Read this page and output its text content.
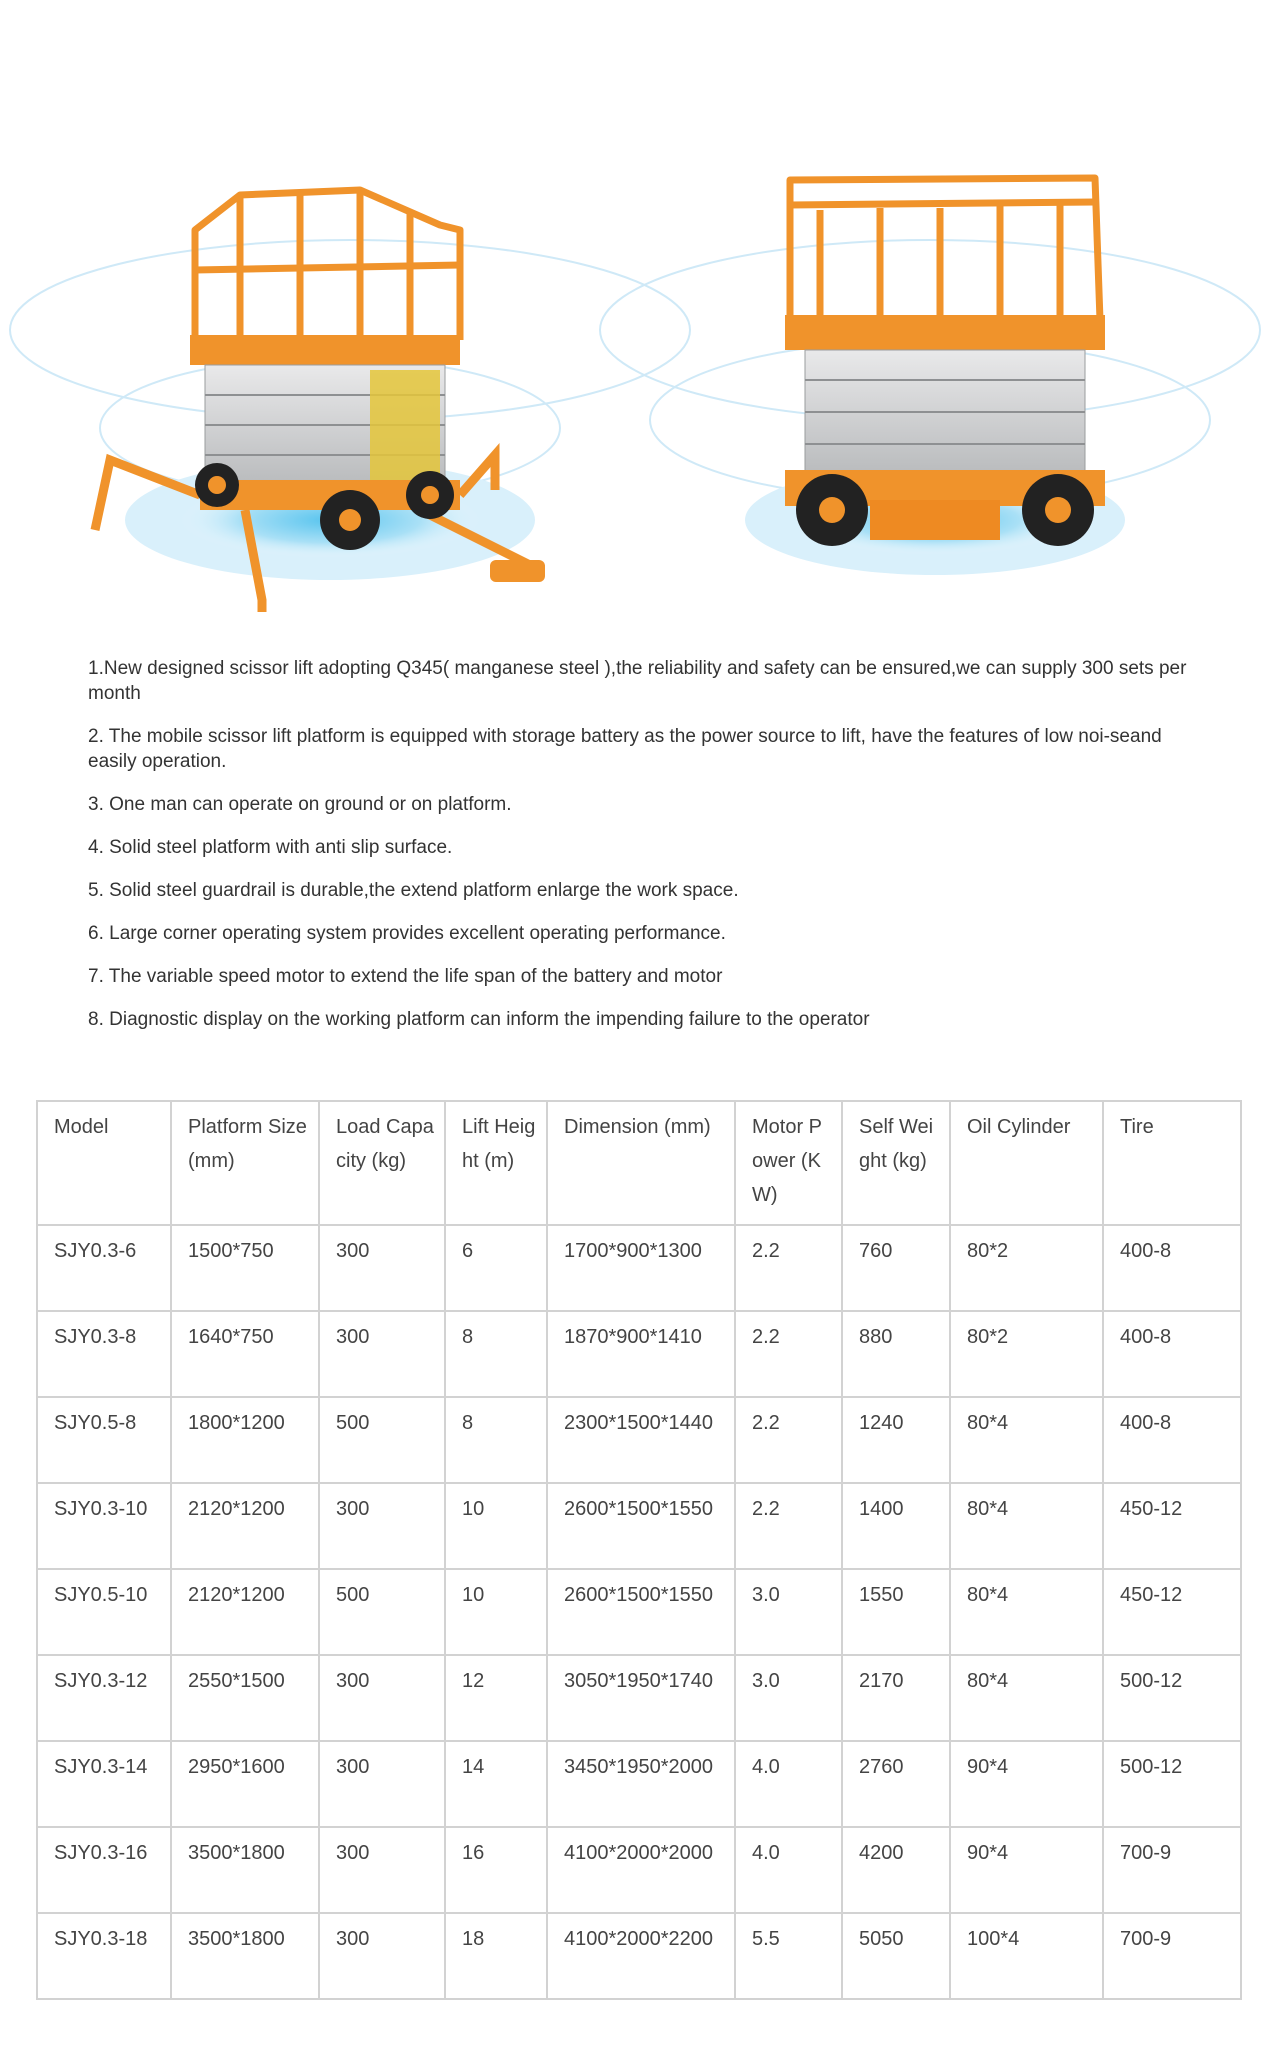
1.New designed scissor lift adopting Q345( manganese steel ),the reliability and safety can be ensured,we can supply 300 sets per month
2. The mobile scissor lift platform is equipped with storage battery as the power source to lift, have the features of low noi-seand easily operation.
3. One man can operate on ground or on platform.
4. Solid steel platform with anti slip surface.
5. Solid steel guardrail is durable,the extend platform enlarge the work space.
6. Large corner operating system provides excellent operating performance.
7. The variable speed motor to extend the life span of the battery and motor
8. Diagnostic display on the working platform can inform the impending failure to the operator
Model	Platform Size (mm)	Load Capacity (kg)	Lift Height (m)	Dimension (mm)	Motor Power (KW)	Self Weight (kg)	Oil Cylinder	Tire
SJY0.3-6	1500*750	300	6	1700*900*1300	2.2	760	80*2	400-8
SJY0.3-8	1640*750	300	8	1870*900*1410	2.2	880	80*2	400-8
SJY0.5-8	1800*1200	500	8	2300*1500*1440	2.2	1240	80*4	400-8
SJY0.3-10	2120*1200	300	10	2600*1500*1550	2.2	1400	80*4	450-12
SJY0.5-10	2120*1200	500	10	2600*1500*1550	3.0	1550	80*4	450-12
SJY0.3-12	2550*1500	300	12	3050*1950*1740	3.0	2170	80*4	500-12
SJY0.3-14	2950*1600	300	14	3450*1950*2000	4.0	2760	90*4	500-12
SJY0.3-16	3500*1800	300	16	4100*2000*2000	4.0	4200	90*4	700-9
SJY0.3-18	3500*1800	300	18	4100*2000*2200	5.5	5050	100*4	700-9
